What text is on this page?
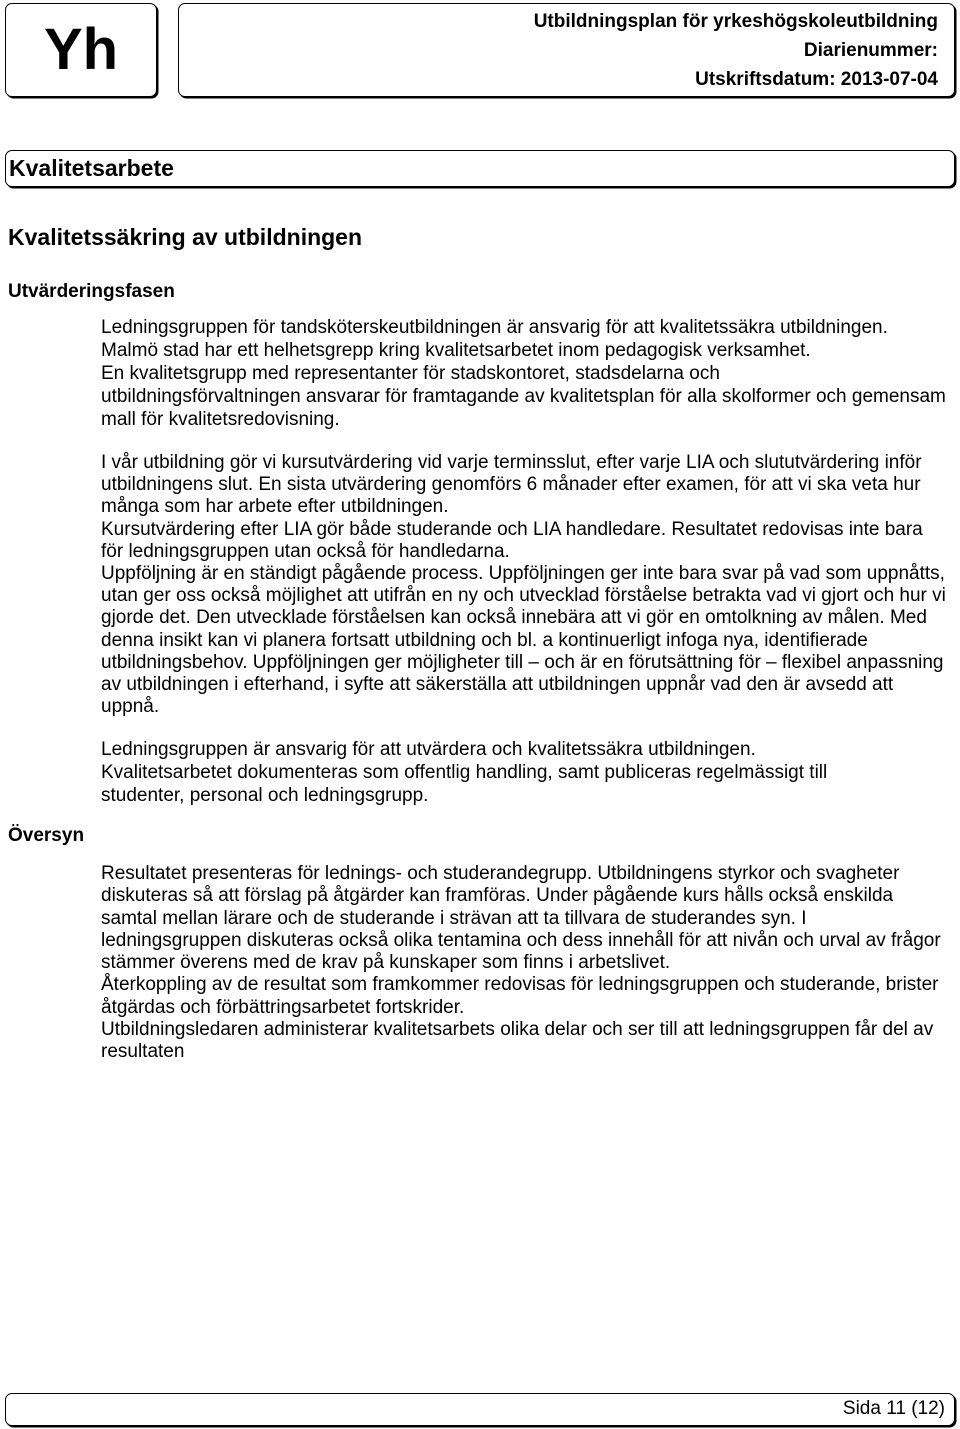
Yh	Utbildningsplan för yrkeshögskoleutbildning
Diarienummer:
Utskriftsdatum: 2013-07-04
Kvalitetsarbete
Kvalitetssäkring av utbildningen
Utvärderingsfasen
Ledningsgruppen för tandsköterskeutbildningen är ansvarig för att kvalitetssäkra utbildningen.
Malmö stad har ett helhetsgrepp kring kvalitetsarbetet inom pedagogisk verksamhet.
En kvalitetsgrupp med representanter för stadskontoret, stadsdelarna och
utbildningsförvaltningen ansvarar för framtagande av kvalitetsplan för alla skolformer och gemensam
mall för kvalitetsredovisning.
I vår utbildning gör vi kursutvärdering vid varje terminsslut, efter varje LIA och slututvärdering inför
utbildningens slut. En sista utvärdering genomförs 6 månader efter examen, för att vi ska veta hur
många som har arbete efter utbildningen.
Kursutvärdering efter LIA gör både studerande och LIA handledare. Resultatet redovisas inte bara
för ledningsgruppen utan också för handledarna.
Uppföljning är en ständigt pågående process. Uppföljningen ger inte bara svar på vad som uppnåtts,
utan ger oss också möjlighet att utifrån en ny och utvecklad förståelse betrakta vad vi gjort och hur vi
gjorde det. Den utvecklade förståelsen kan också innebära att vi gör en omtolkning av målen. Med
denna insikt kan vi planera fortsatt utbildning och bl. a kontinuerligt infoga nya, identifierade
utbildningsbehov. Uppföljningen ger möjligheter till – och är en förutsättning för – flexibel anpassning
av utbildningen i efterhand, i syfte att säkerställa att utbildningen uppnår vad den är avsedd att
uppnå.
Ledningsgruppen är ansvarig för att utvärdera och kvalitetssäkra utbildningen.
Kvalitetsarbetet dokumenteras som offentlig handling, samt publiceras regelmässigt till
studenter, personal och ledningsgrupp.
Översyn
Resultatet presenteras för lednings- och studerandegrupp. Utbildningens styrkor och svagheter
diskuteras så att förslag på åtgärder kan framföras. Under pågående kurs hålls också enskilda
samtal mellan lärare och de studerande i strävan att ta tillvara de studerandes syn. I
ledningsgruppen diskuteras också olika tentamina och dess innehåll för att nivån och urval av frågor
stämmer överens med de krav på kunskaper som finns i arbetslivet.
Återkoppling av de resultat som framkommer redovisas för ledningsgruppen och studerande, brister
åtgärdas och förbättringsarbetet fortskrider.
Utbildningsledaren administerar kvalitetsarbets olika delar och ser till att ledningsgruppen får del av
resultaten
Sida 11 (12)
